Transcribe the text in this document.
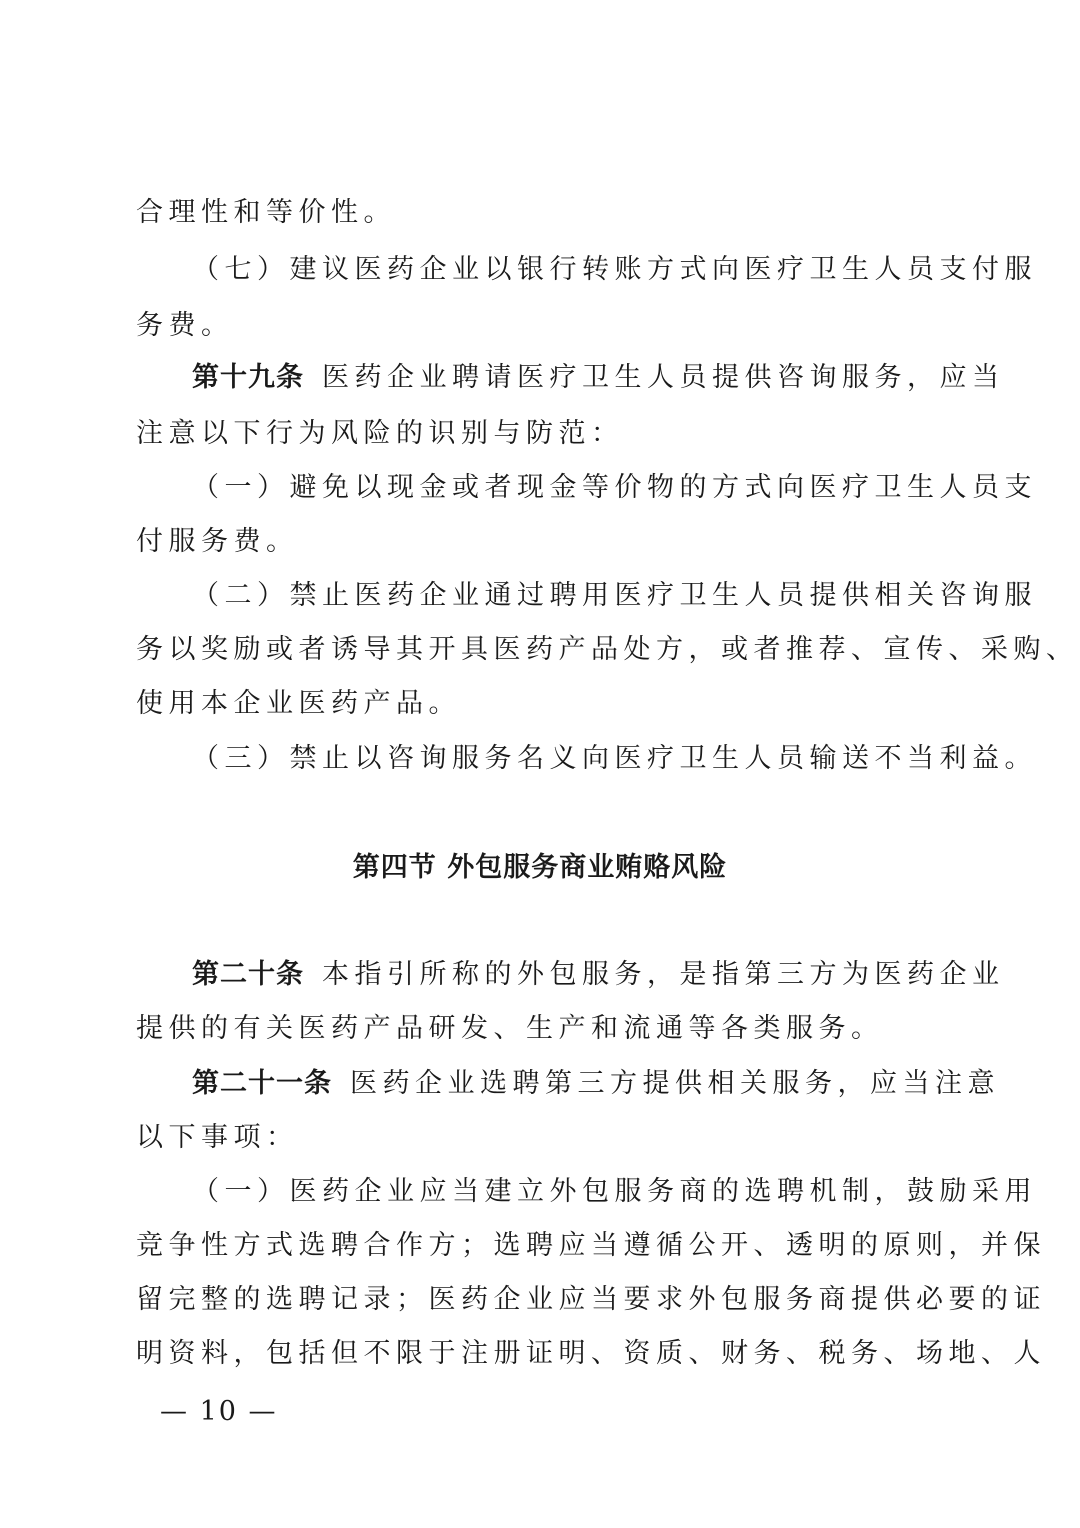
合理性和等价性。
（七）建议医药企业以银行转账方式向医疗卫生人员支付服
务费。
第十九条 医药企业聘请医疗卫生人员提供咨询服务，应当
注意以下行为风险的识别与防范：
（一）避免以现金或者现金等价物的方式向医疗卫生人员支
付服务费。
（二）禁止医药企业通过聘用医疗卫生人员提供相关咨询服
务以奖励或者诱导其开具医药产品处方，或者推荐、宣传、采购、
使用本企业医药产品。
（三）禁止以咨询服务名义向医疗卫生人员输送不当利益。
第四节 外包服务商业贿赂风险
第二十条 本指引所称的外包服务，是指第三方为医药企业
提供的有关医药产品研发、生产和流通等各类服务。
第二十一条 医药企业选聘第三方提供相关服务，应当注意
以下事项：
（一）医药企业应当建立外包服务商的选聘机制，鼓励采用
竞争性方式选聘合作方；选聘应当遵循公开、透明的原则，并保
留完整的选聘记录；医药企业应当要求外包服务商提供必要的证
明资料，包括但不限于注册证明、资质、财务、税务、场地、人
— 10 —
